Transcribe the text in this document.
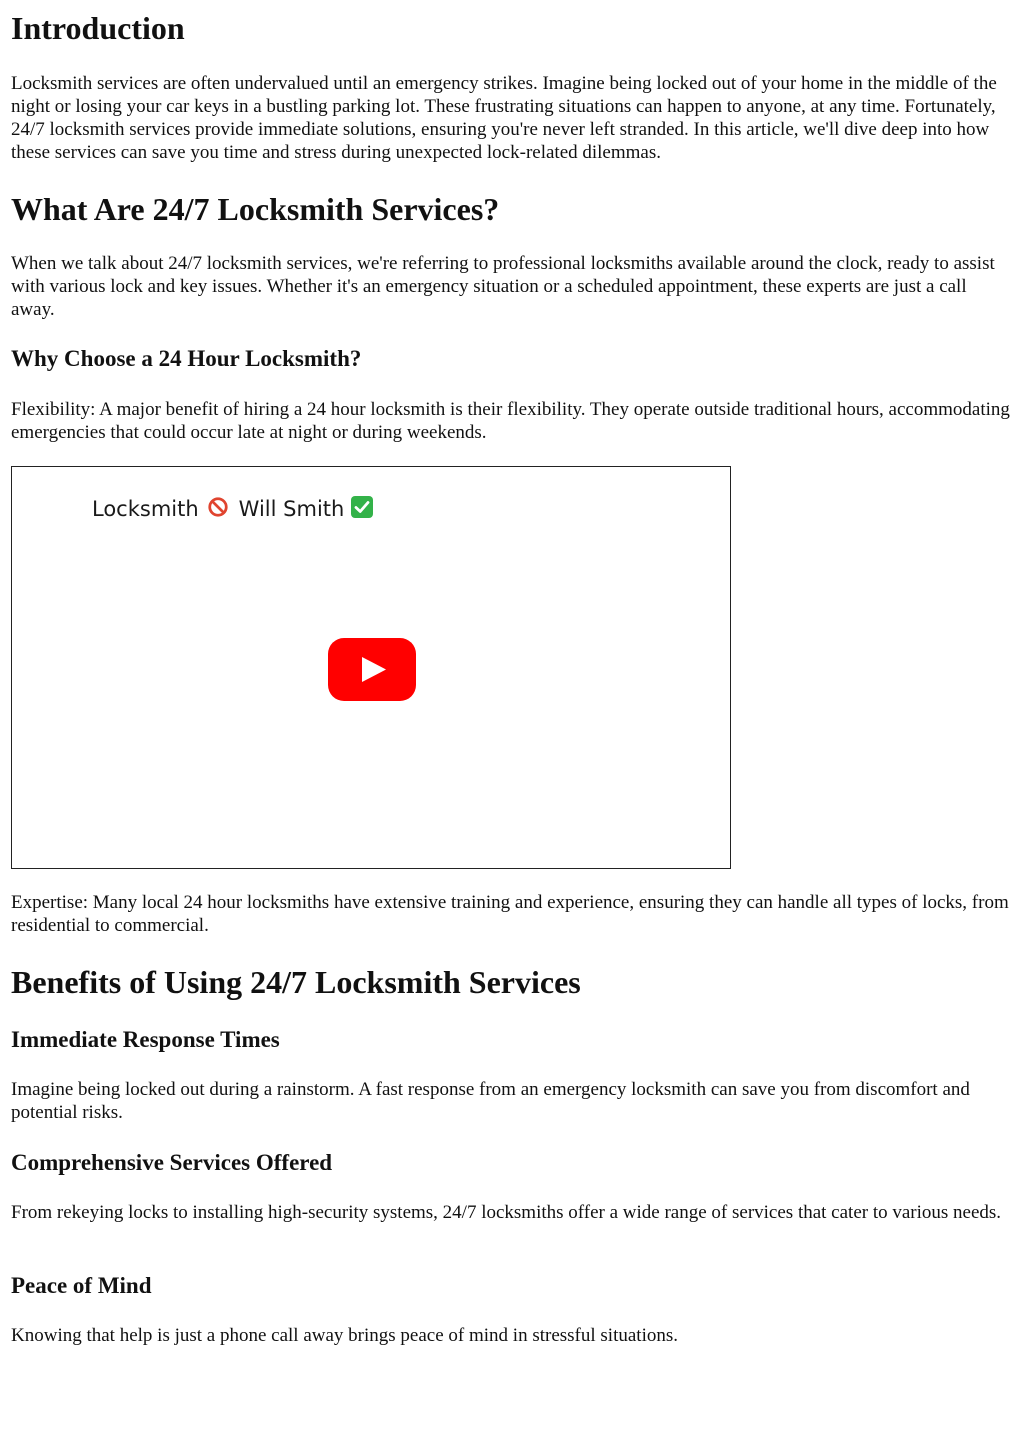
Introduction

Locksmith services are often undervalued until an emergency strikes. Imagine being locked out of your home in the middle of the night or losing your car keys in a bustling parking lot. These frustrating situations can happen to anyone, at any time. Fortunately, 24/7 locksmith services provide immediate solutions, ensuring you're never left stranded. In this article, we'll dive deep into how these services can save you time and stress during unexpected lock-related dilemmas.

What Are 24/7 Locksmith Services?

When we talk about 24/7 locksmith services, we're referring to professional locksmiths available around the clock, ready to assist with various lock and key issues. Whether it's an emergency situation or a scheduled appointment, these experts are just a call away.

Why Choose a 24 Hour Locksmith?

Flexibility: A major benefit of hiring a 24 hour locksmith is their flexibility. They operate outside traditional hours, accommodating emergencies that could occur late at night or during weekends.

Locksmith Will Smith

Expertise: Many local 24 hour locksmiths have extensive training and experience, ensuring they can handle all types of locks, from residential to commercial.

Benefits of Using 24/7 Locksmith Services
Immediate Response Times

Imagine being locked out during a rainstorm. A fast response from an emergency locksmith can save you from discomfort and potential risks.

Comprehensive Services Offered

From rekeying locks to installing high-security systems, 24/7 locksmiths offer a wide range of services that cater to various needs.

Peace of Mind

Knowing that help is just a phone call away brings peace of mind in stressful situations.
